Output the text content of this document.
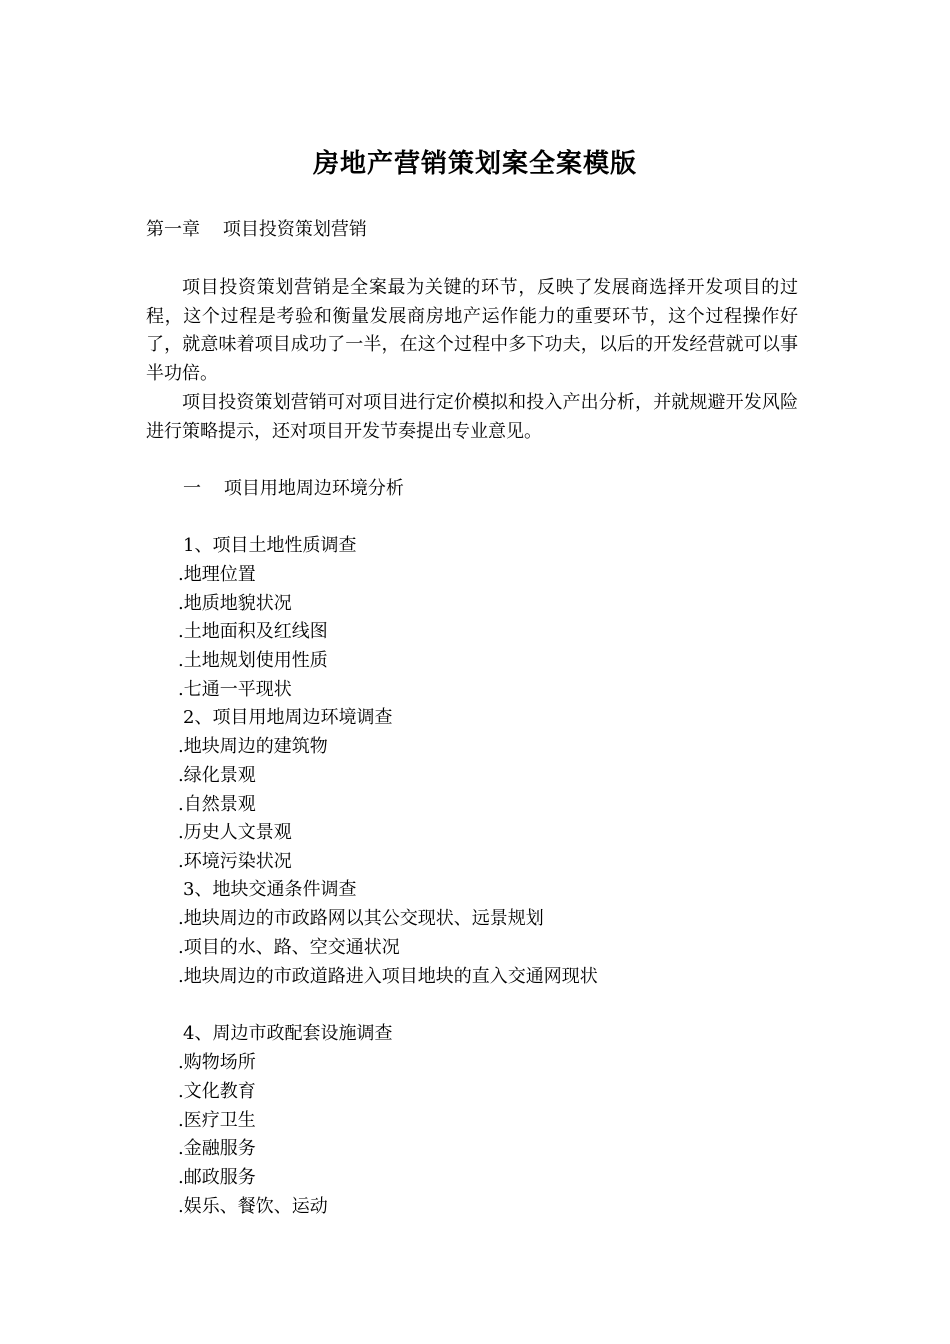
房地产营销策划案全案模版
第一章    项目投资策划营销
项目投资策划营销是全案最为关键的环节，反映了发展商选择开发项目的过程，这个过程是考验和衡量发展商房地产运作能力的重要环节，这个过程操作好了，就意味着项目成功了一半，在这个过程中多下功夫，以后的开发经营就可以事半功倍。
项目投资策划营销可对项目进行定价模拟和投入产出分析，并就规避开发风险进行策略提示，还对项目开发节奏提出专业意见。
一    项目用地周边环境分析
1、项目土地性质调查
.地理位置
.地质地貌状况
.土地面积及红线图
.土地规划使用性质
.七通一平现状
2、项目用地周边环境调查
.地块周边的建筑物
.绿化景观
.自然景观
.历史人文景观
.环境污染状况
3、地块交通条件调查
.地块周边的市政路网以其公交现状、远景规划
.项目的水、路、空交通状况
.地块周边的市政道路进入项目地块的直入交通网现状
4、周边市政配套设施调查
.购物场所
.文化教育
.医疗卫生
.金融服务
.邮政服务
.娱乐、餐饮、运动
